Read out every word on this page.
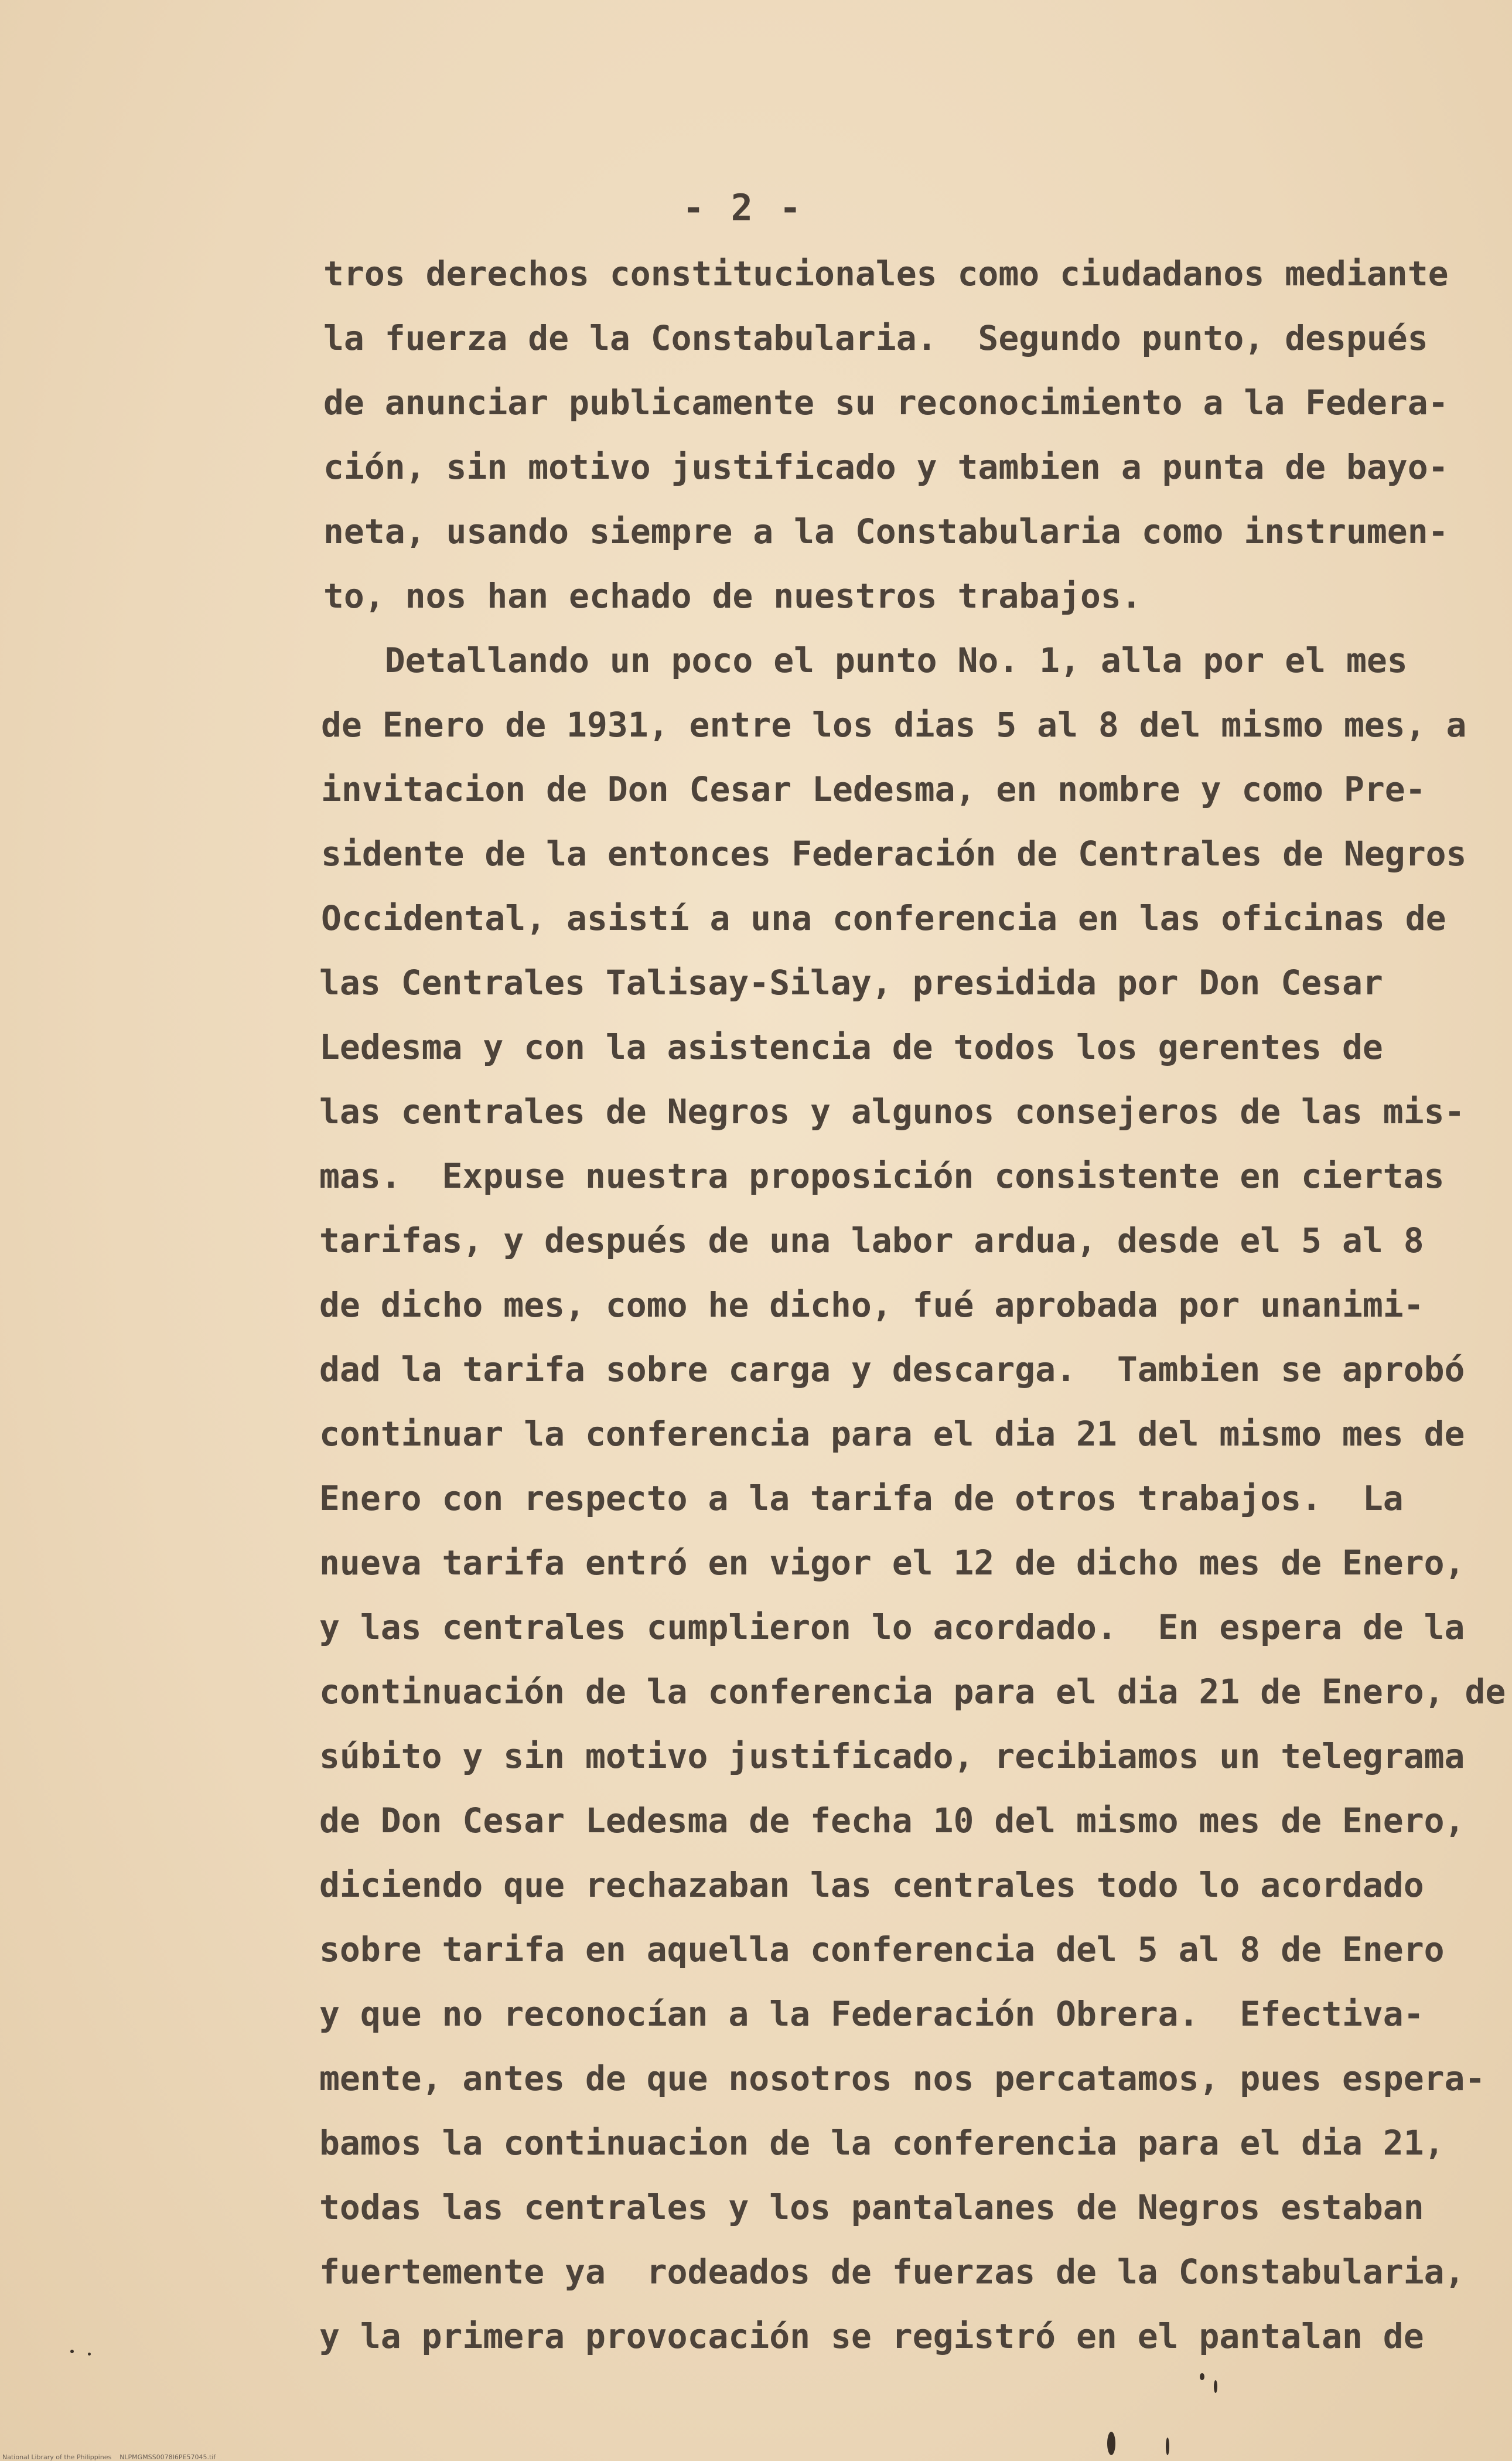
- 2 -
tros derechos constitucionales como ciudadanos mediante
la fuerza de la Constabularia.  Segundo punto, después
de anunciar publicamente su reconocimiento a la Federa-
ción, sin motivo justificado y tambien a punta de bayo-
neta, usando siempre a la Constabularia como instrumen-
to, nos han echado de nuestros trabajos.
Detallando un poco el punto No. 1, alla por el mes
de Enero de 1931, entre los dias 5 al 8 del mismo mes, a
invitacion de Don Cesar Ledesma, en nombre y como Pre-
sidente de la entonces Federación de Centrales de Negros
Occidental, asistí a una conferencia en las oficinas de
las Centrales Talisay-Silay, presidida por Don Cesar
Ledesma y con la asistencia de todos los gerentes de
las centrales de Negros y algunos consejeros de las mis-
mas.  Expuse nuestra proposición consistente en ciertas
tarifas, y después de una labor ardua, desde el 5 al 8
de dicho mes, como he dicho, fué aprobada por unanimi-
dad la tarifa sobre carga y descarga.  Tambien se aprobó
continuar la conferencia para el dia 21 del mismo mes de
Enero con respecto a la tarifa de otros trabajos.  La
nueva tarifa entró en vigor el 12 de dicho mes de Enero,
y las centrales cumplieron lo acordado.  En espera de la
continuación de la conferencia para el dia 21 de Enero, de
súbito y sin motivo justificado, recibiamos un telegrama
de Don Cesar Ledesma de fecha 10 del mismo mes de Enero,
diciendo que rechazaban las centrales todo lo acordado
sobre tarifa en aquella conferencia del 5 al 8 de Enero
y que no reconocían a la Federación Obrera.  Efectiva-
mente, antes de que nosotros nos percatamos, pues espera-
bamos la continuacion de la conferencia para el dia 21,
todas las centrales y los pantalanes de Negros estaban
fuertemente ya  rodeados de fuerzas de la Constabularia,
y la primera provocación se registró en el pantalan de
National Library of the Philippines    NLPMGMSS0078I6PE57045.tif
